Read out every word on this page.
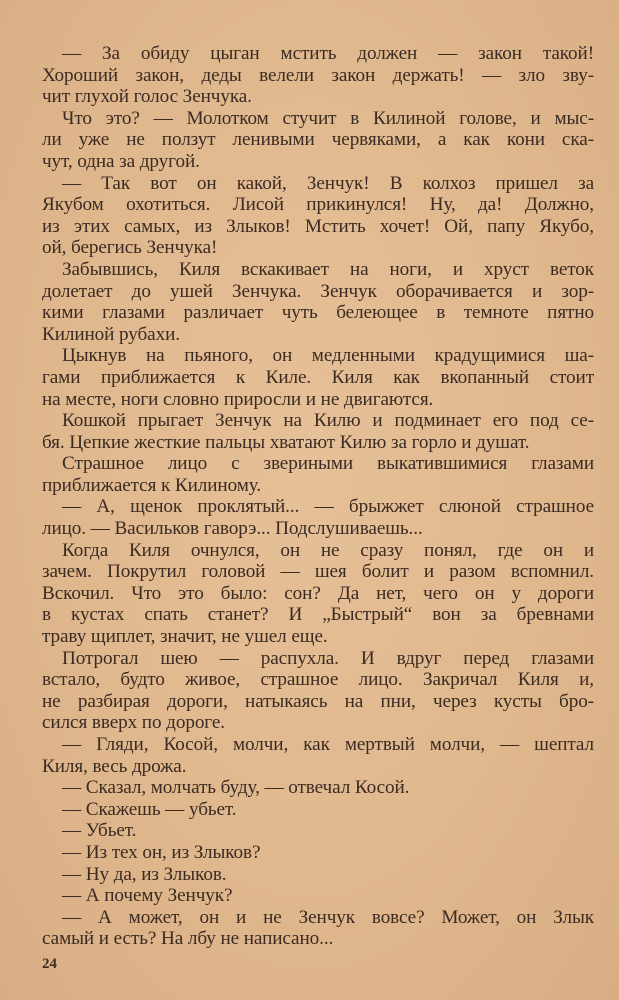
— За обиду цыган мстить должен — закон такой!
Хороший закон, деды велели закон держать! — зло зву-
чит глухой голос Зенчука.
Что это? — Молотком стучит в Килиной голове, и мыс-
ли уже не ползут ленивыми червяками, а как кони ска-
чут, одна за другой.
— Так вот он какой, Зенчук! В колхоз пришел за
Якубом охотиться. Лисой прикинулся! Ну, да! Должно,
из этих самых, из Злыков! Мстить хочет! Ой, папу Якубо,
ой, берегись Зенчука!
Забывшись, Киля вскакивает на ноги, и хруст веток
долетает до ушей Зенчука. Зенчук оборачивается и зор-
кими глазами различает чуть белеющее в темноте пятно
Килиной рубахи.
Цыкнув на пьяного, он медленными крадущимися ша-
гами приближается к Киле. Киля как вкопанный стоит
на месте, ноги словно приросли и не двигаются.
Кошкой прыгает Зенчук на Килю и подминает его под се-
бя. Цепкие жесткие пальцы хватают Килю за горло и душат.
Страшное лицо с звериными выкатившимися глазами
приближается к Килиному.
— А, щенок проклятый... — брыжжет слюной страшное
лицо. — Васильков гаворэ... Подслушиваешь...
Когда Киля очнулся, он не сразу понял, где он и
зачем. Покрутил головой — шея болит и разом вспомнил.
Вскочил. Что это было: сон? Да нет, чего он у дороги
в кустах спать станет? И „Быстрый“ вон за бревнами
траву щиплет, значит, не ушел еще.
Потрогал шею — распухла. И вдруг перед глазами
встало, будто живое, страшное лицо. Закричал Киля и,
не разбирая дороги, натыкаясь на пни, через кусты бро-
сился вверх по дороге.
— Гляди, Косой, молчи, как мертвый молчи, — шептал
Киля, весь дрожа.
— Сказал, молчать буду, — отвечал Косой.
— Скажешь — убьет.
— Убьет.
— Из тех он, из Злыков?
— Ну да, из Злыков.
— А почему Зенчук?
— А может, он и не Зенчук вовсе? Может, он Злык
самый и есть? На лбу не написано...
24
